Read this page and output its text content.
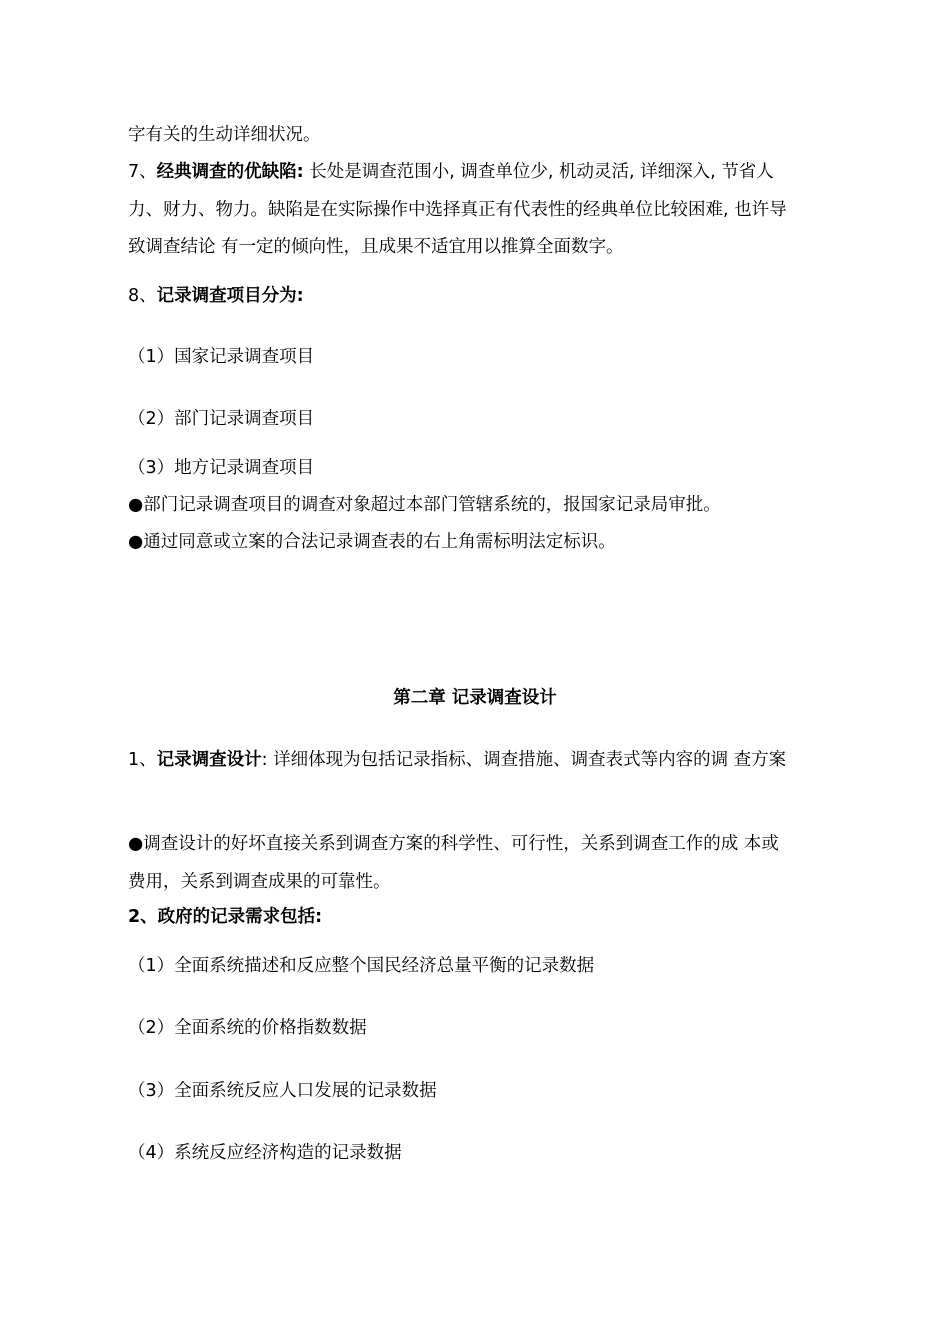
字有关的生动详细状况。
7、经典调查的优缺陷: 长处是调查范围小, 调查单位少, 机动灵活, 详细深入, 节省人
力、财力、物力。缺陷是在实际操作中选择真正有代表性的经典单位比较困难, 也许导
致调查结论 有一定的倾向性，且成果不适宜用以推算全面数字。
8、记录调查项目分为:
（1）国家记录调查项目
（2）部门记录调查项目
（3）地方记录调查项目
●部门记录调查项目的调查对象超过本部门管辖系统的，报国家记录局审批。
●通过同意或立案的合法记录调查表的右上角需标明法定标识。
第二章 记录调查设计
1、记录调查设计: 详细体现为包括记录指标、调查措施、调查表式等内容的调 查方案
●调查设计的好坏直接关系到调查方案的科学性、可行性，关系到调查工作的成 本或
费用，关系到调查成果的可靠性。
2、政府的记录需求包括:
（1）全面系统描述和反应整个国民经济总量平衡的记录数据
（2）全面系统的价格指数数据
（3）全面系统反应人口发展的记录数据
（4）系统反应经济构造的记录数据
